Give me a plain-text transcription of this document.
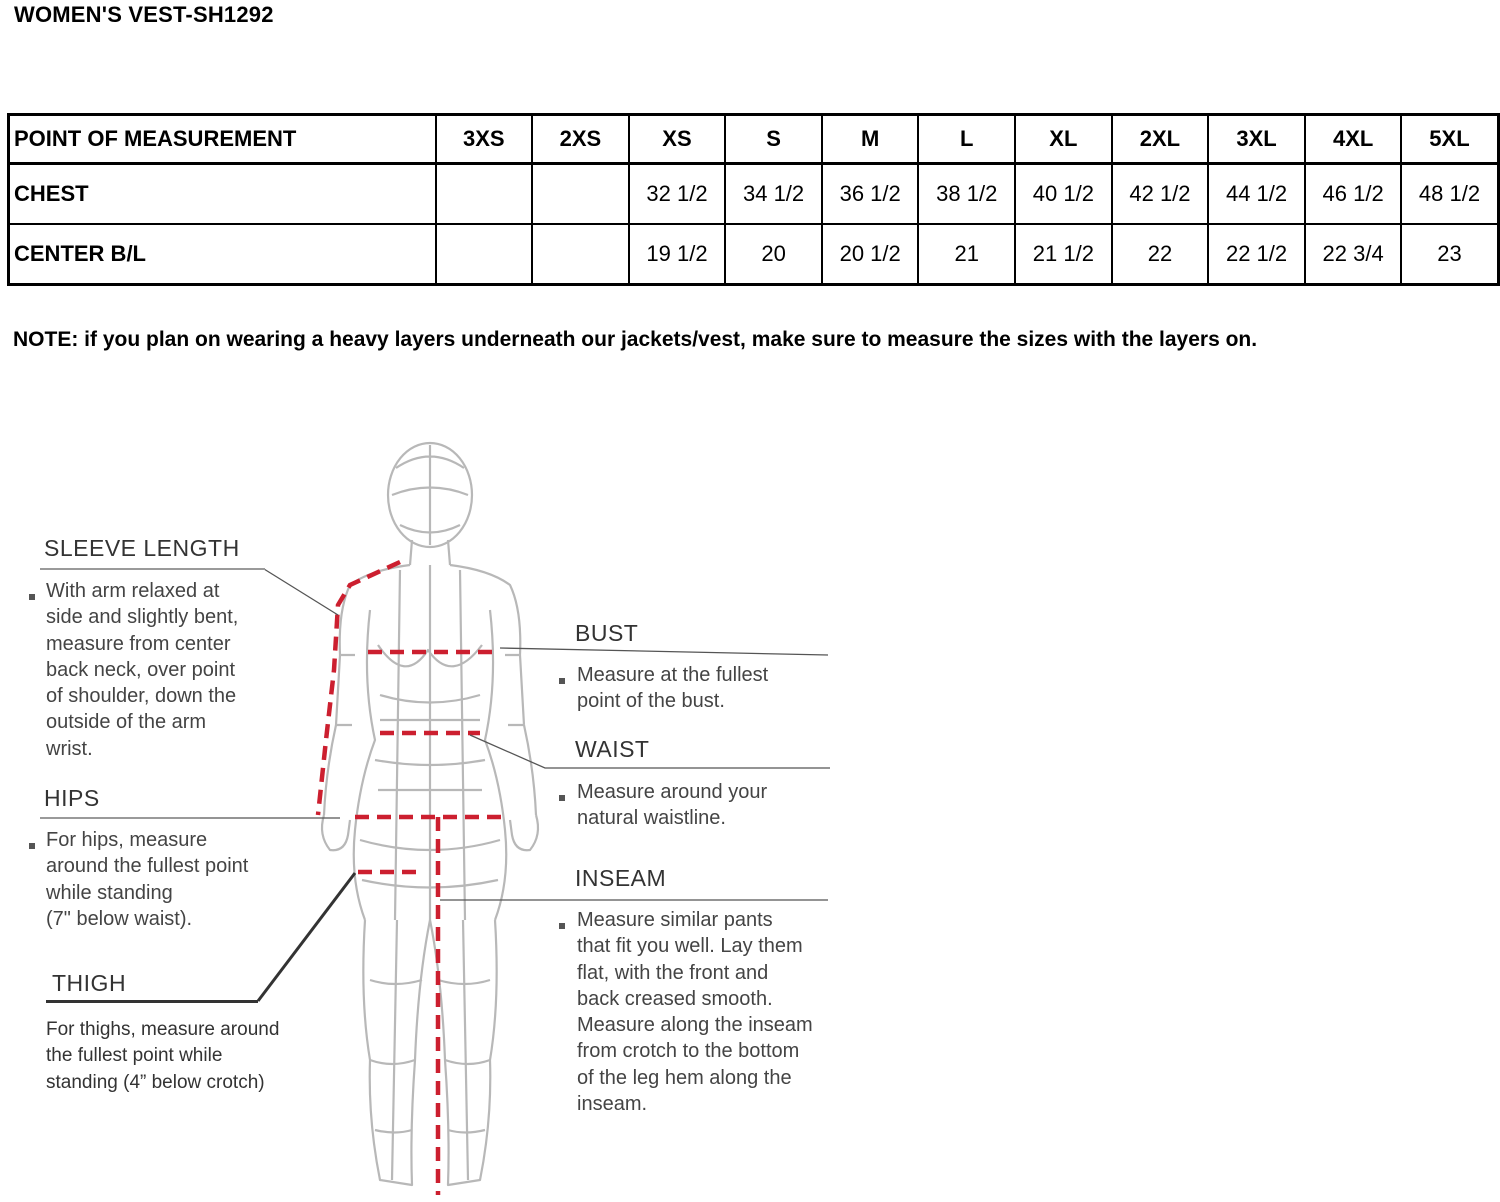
WOMEN'S VEST-SH1292
POINT OF MEASUREMENT	3XS	2XS	XS	S	M	L	XL	2XL	3XL	4XL	5XL
CHEST			32 1/2	34 1/2	36 1/2	38 1/2	40 1/2	42 1/2	44 1/2	46 1/2	48 1/2
CENTER B/L			19 1/2	20	20 1/2	21	21 1/2	22	22 1/2	22 3/4	23
NOTE: if you plan on wearing a heavy layers underneath our jackets/vest, make sure to measure the sizes with the layers on.
SLEEVE LENGTH
With arm relaxed at
side and slightly bent,
measure from center
back neck, over point
of shoulder, down the
outside of the arm
wrist.
HIPS
For hips, measure
around the fullest point
while standing
(7" below waist).
THIGH
For thighs, measure around
the fullest point while
standing (4” below crotch)
BUST
Measure at the fullest
point of the bust.
WAIST
Measure around your
natural waistline.
INSEAM
Measure similar pants
that fit you well. Lay them
flat, with the front and
back creased smooth.
Measure along the inseam
from crotch to the bottom
of the leg hem along the
inseam.
